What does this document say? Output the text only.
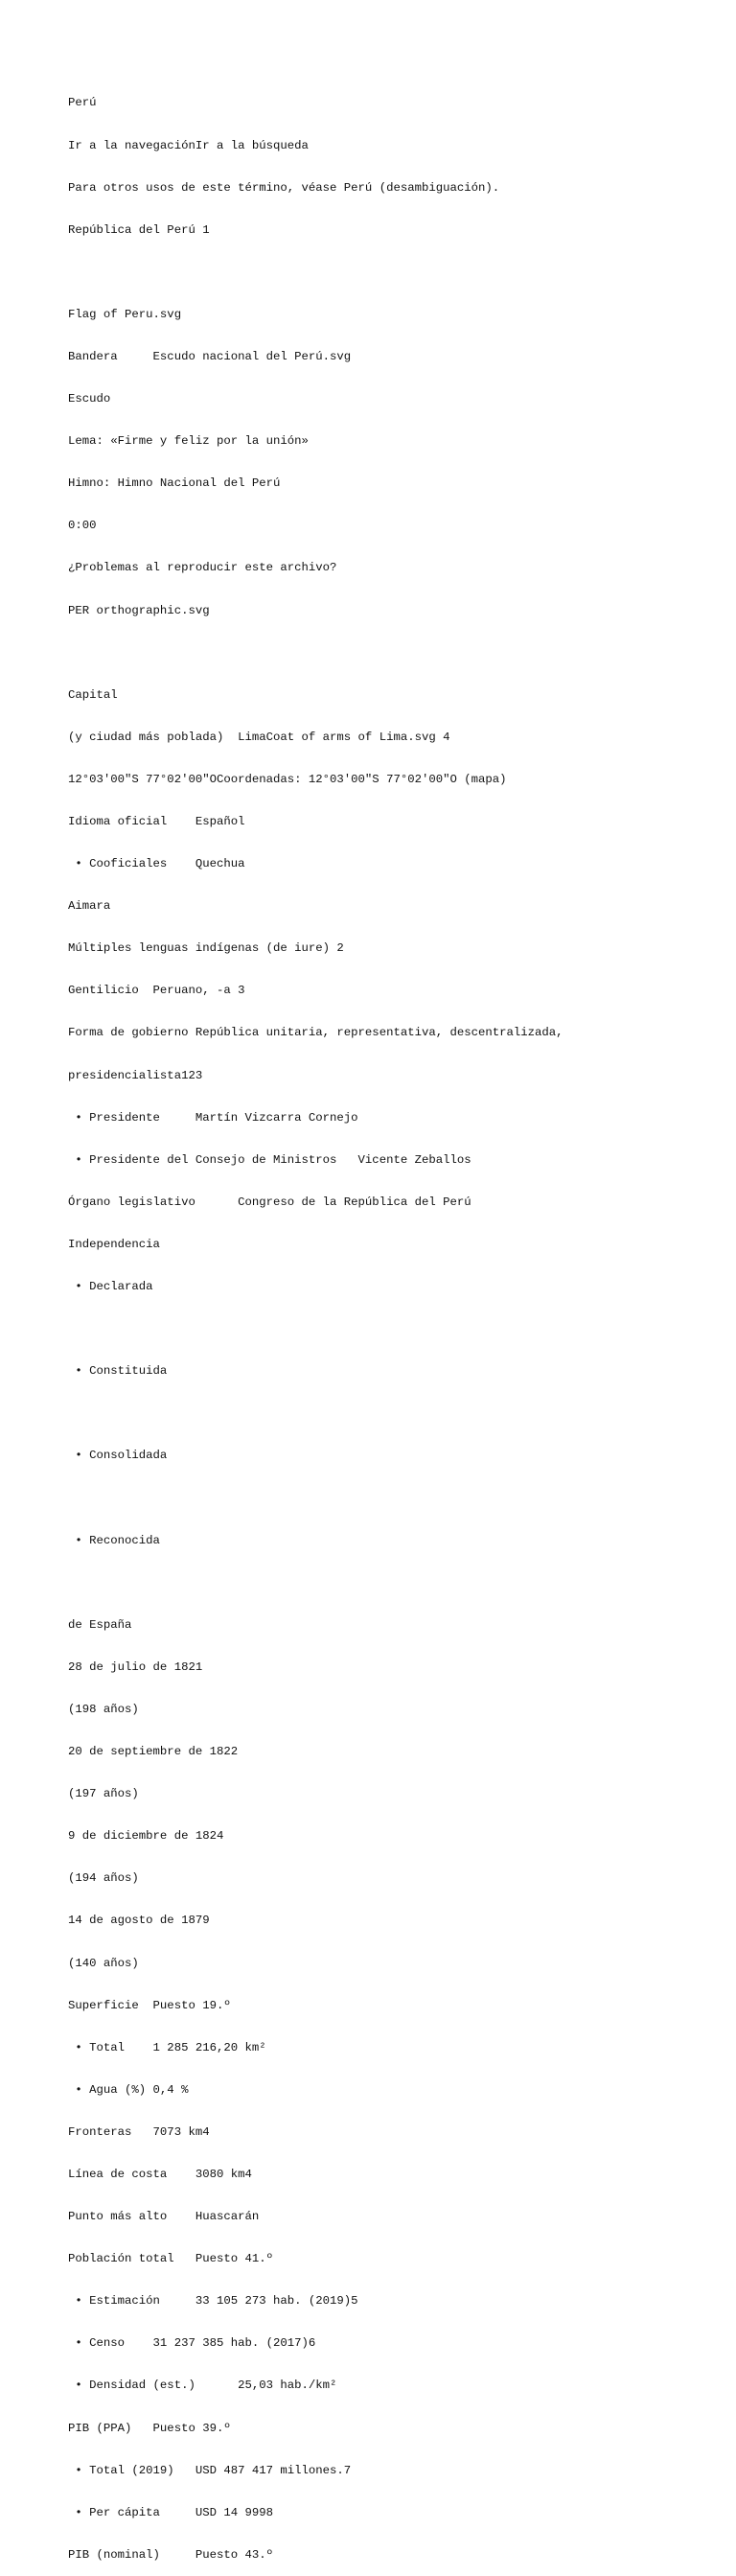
Perú

Ir a la navegaciónIr a la búsqueda

Para otros usos de este término, véase Perú (desambiguación).

República del Perú 1

Flag of Peru.svg

Bandera     Escudo nacional del Perú.svg

Escudo

Lema: «Firme y feliz por la unión»

Himno: Himno Nacional del Perú

0:00

¿Problemas al reproducir este archivo?

PER orthographic.svg

Capital

(y ciudad más poblada)  LimaCoat of arms of Lima.svg 4

12°03′00″S 77°02′00″OCoordenadas: 12°03′00″S 77°02′00″O (mapa)

Idioma oficial    Español

• Cooficiales    Quechua

Aimara

Múltiples lenguas indígenas (de iure) 2

Gentilicio  Peruano, -a 3

Forma de gobierno República unitaria, representativa, descentralizada,

presidencialista123

• Presidente     Martín Vizcarra Cornejo

• Presidente del Consejo de Ministros   Vicente Zeballos

Órgano legislativo      Congreso de la República del Perú

Independencia

• Declarada

• Constituida

• Consolidada

• Reconocida

de España

28 de julio de 1821

(198 años)

20 de septiembre de 1822

(197 años)

9 de diciembre de 1824

(194 años)

14 de agosto de 1879

(140 años)

Superficie  Puesto 19.º

• Total    1 285 216,20 km²

• Agua (%) 0,4 %

Fronteras   7073 km4

Línea de costa    3080 km4

Punto más alto    Huascarán

Población total   Puesto 41.º

• Estimación     33 105 273 hab. (2019)5

• Censo    31 237 385 hab. (2017)6

• Densidad (est.)      25,03 hab./km²

PIB (PPA)   Puesto 39.º

• Total (2019)   USD 487 417 millones.7

• Per cápita     USD 14 9998

PIB (nominal)     Puesto 43.º
